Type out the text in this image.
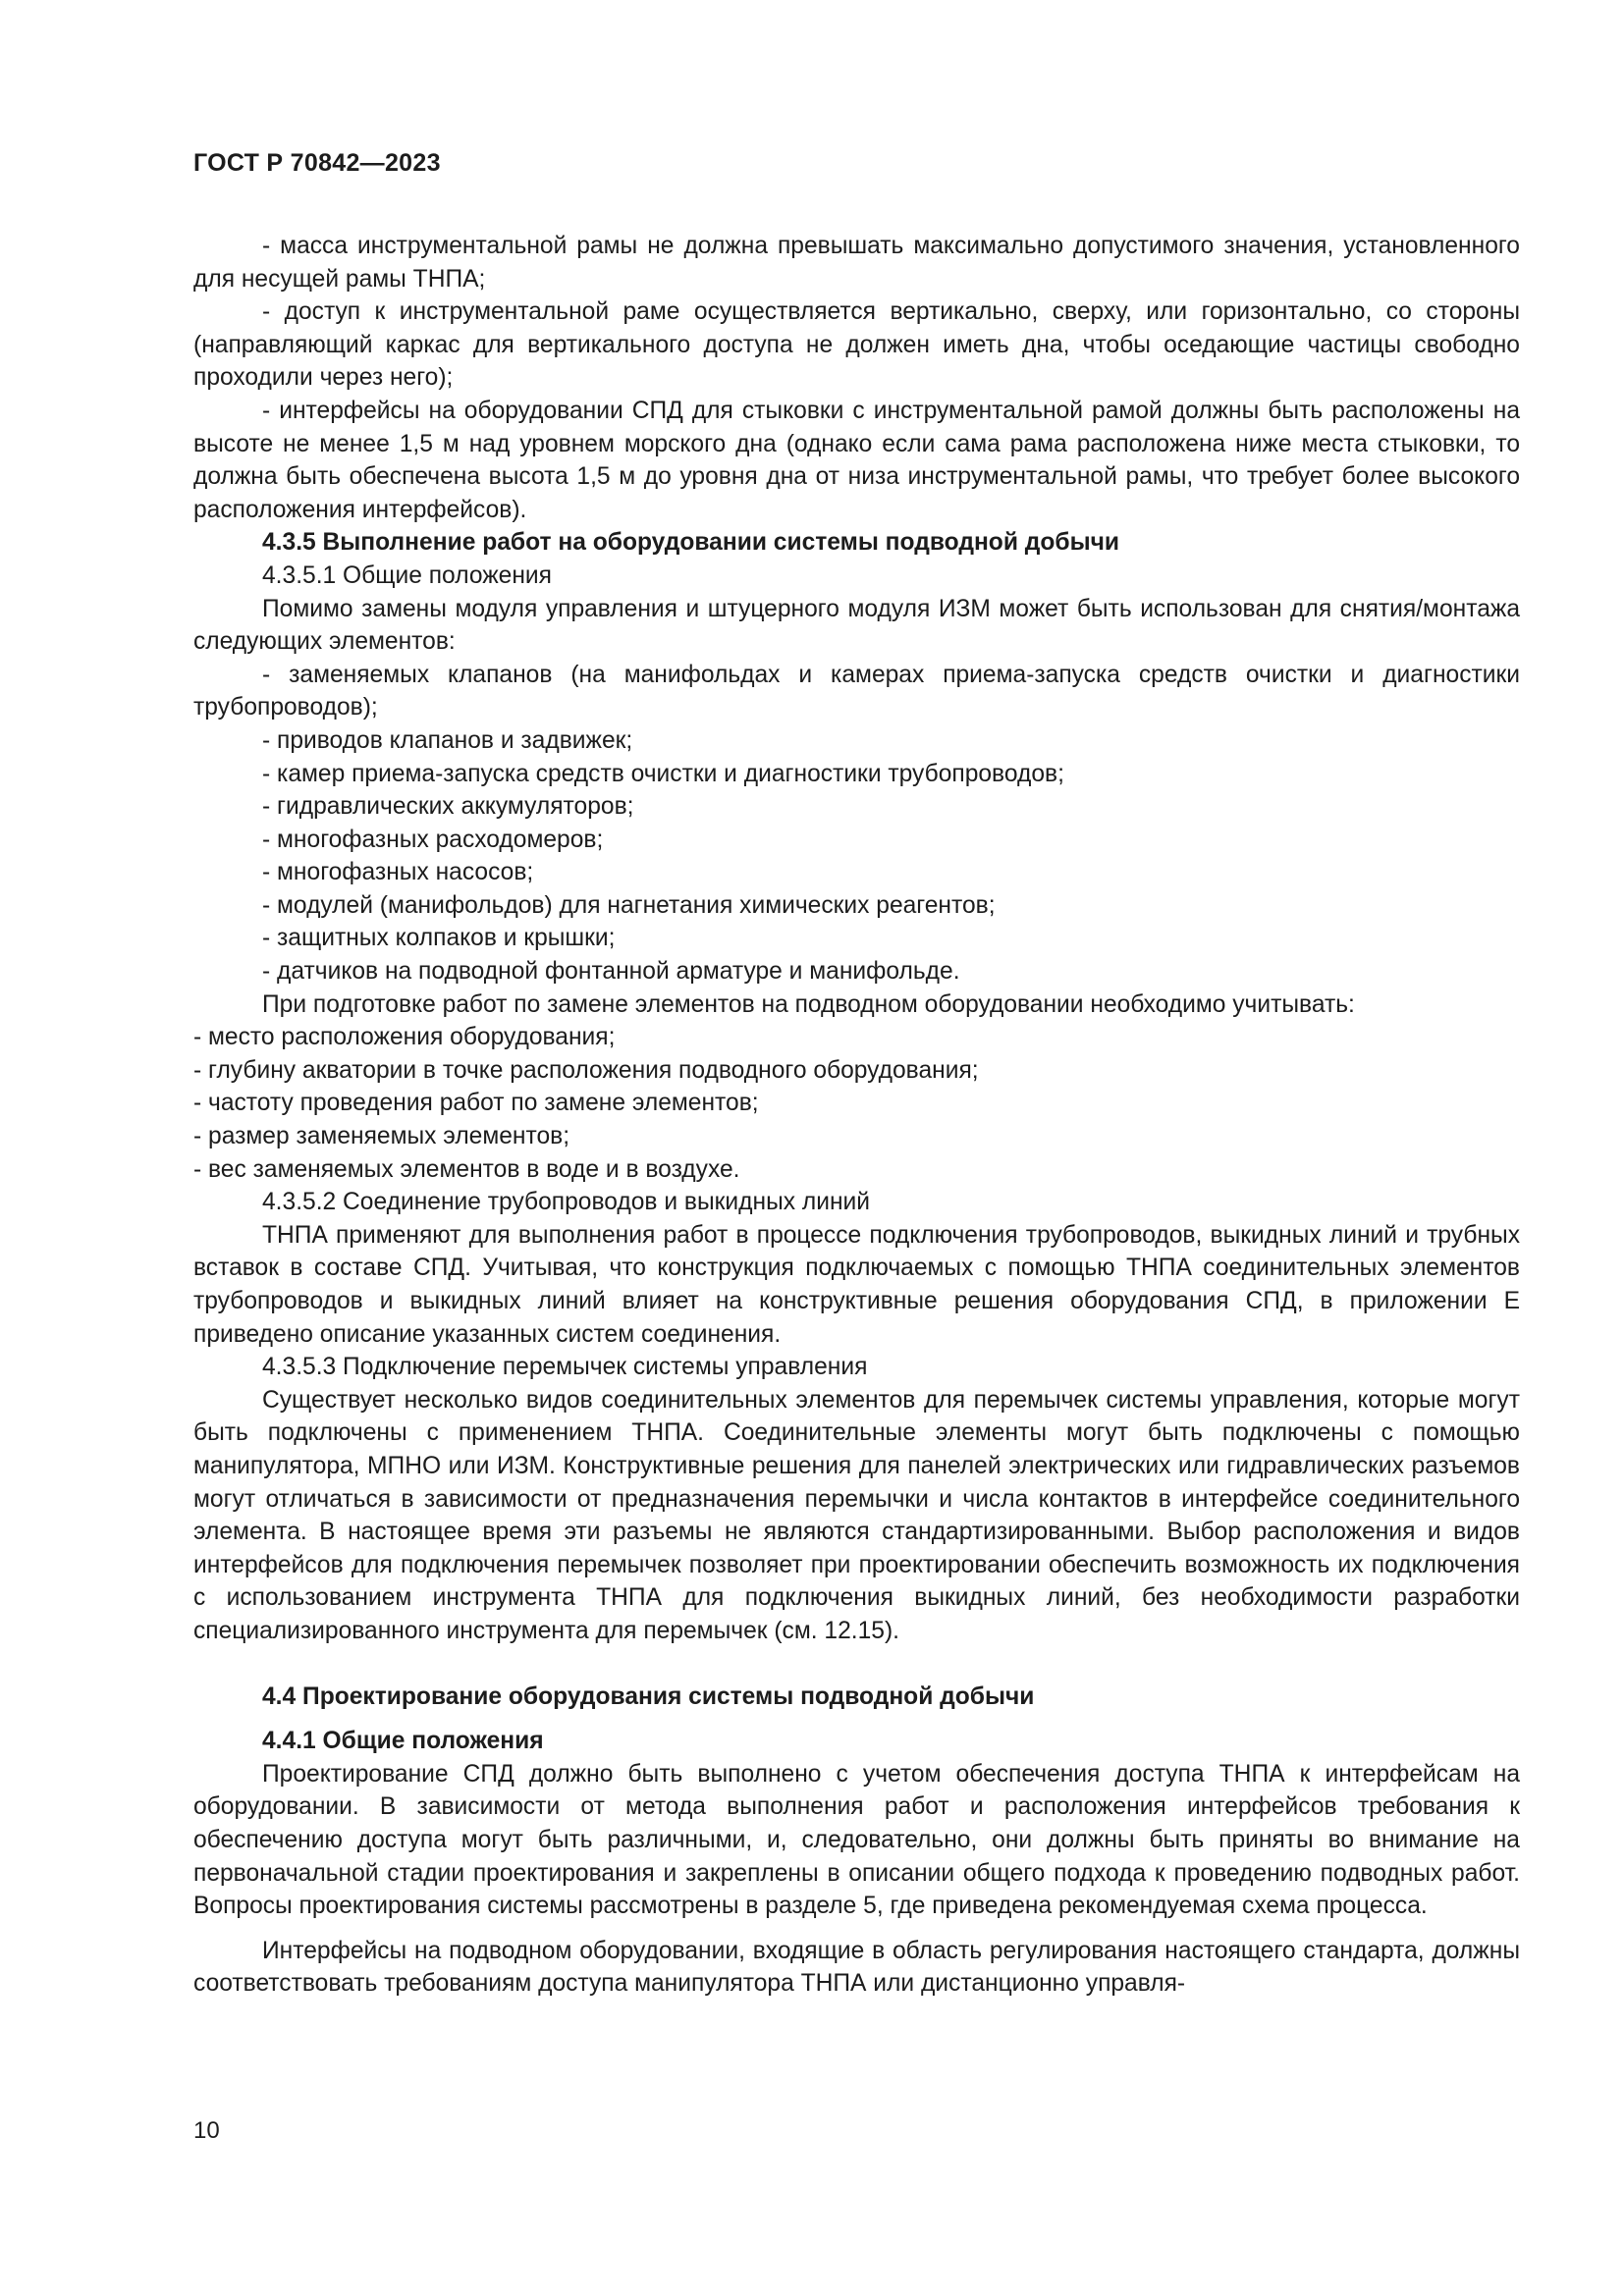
ГОСТ Р 70842—2023

- масса инструментальной рамы не должна превышать максимально допустимого значения, установленного для несущей рамы ТНПА;

- доступ к инструментальной раме осуществляется вертикально, сверху, или горизонтально, со стороны (направляющий каркас для вертикального доступа не должен иметь дна, чтобы оседающие частицы свободно проходили через него);

- интерфейсы на оборудовании СПД для стыковки с инструментальной рамой должны быть расположены на высоте не менее 1,5 м над уровнем морского дна (однако если сама рама расположена ниже места стыковки, то должна быть обеспечена высота 1,5 м до уровня дна от низа инструментальной рамы, что требует более высокого расположения интерфейсов).

4.3.5 Выполнение работ на оборудовании системы подводной добычи

4.3.5.1 Общие положения

Помимо замены модуля управления и штуцерного модуля ИЗМ может быть использован для снятия/монтажа следующих элементов:

- заменяемых клапанов (на манифольдах и камерах приема-запуска средств очистки и диагностики трубопроводов);

- приводов клапанов и задвижек;

- камер приема-запуска средств очистки и диагностики трубопроводов;

- гидравлических аккумуляторов;

- многофазных расходомеров;

- многофазных насосов;

- модулей (манифольдов) для нагнетания химических реагентов;

- защитных колпаков и крышки;

- датчиков на подводной фонтанной арматуре и манифольде.

При подготовке работ по замене элементов на подводном оборудовании необходимо учитывать:

- место расположения оборудования;

- глубину акватории в точке расположения подводного оборудования;

- частоту проведения работ по замене элементов;

- размер заменяемых элементов;

- вес заменяемых элементов в воде и в воздухе.

4.3.5.2 Соединение трубопроводов и выкидных линий

ТНПА применяют для выполнения работ в процессе подключения трубопроводов, выкидных линий и трубных вставок в составе СПД. Учитывая, что конструкция подключаемых с помощью ТНПА соединительных элементов трубопроводов и выкидных линий влияет на конструктивные решения оборудования СПД, в приложении Е приведено описание указанных систем соединения.

4.3.5.3 Подключение перемычек системы управления

Существует несколько видов соединительных элементов для перемычек системы управления, которые могут быть подключены с применением ТНПА. Соединительные элементы могут быть подключены с помощью манипулятора, МПНО или ИЗМ. Конструктивные решения для панелей электрических или гидравлических разъемов могут отличаться в зависимости от предназначения перемычки и числа контактов в интерфейсе соединительного элемента. В настоящее время эти разъемы не являются стандартизированными. Выбор расположения и видов интерфейсов для подключения перемычек позволяет при проектировании обеспечить возможность их подключения с использованием инструмента ТНПА для подключения выкидных линий, без необходимости разработки специализированного инструмента для перемычек (см. 12.15).

4.4 Проектирование оборудования системы подводной добычи

4.4.1 Общие положения

Проектирование СПД должно быть выполнено с учетом обеспечения доступа ТНПА к интерфейсам на оборудовании. В зависимости от метода выполнения работ и расположения интерфейсов требования к обеспечению доступа могут быть различными, и, следовательно, они должны быть приняты во внимание на первоначальной стадии проектирования и закреплены в описании общего подхода к проведению подводных работ. Вопросы проектирования системы рассмотрены в разделе 5, где приведена рекомендуемая схема процесса.

Интерфейсы на подводном оборудовании, входящие в область регулирования настоящего стандарта, должны соответствовать требованиям доступа манипулятора ТНПА или дистанционно управля-

10
